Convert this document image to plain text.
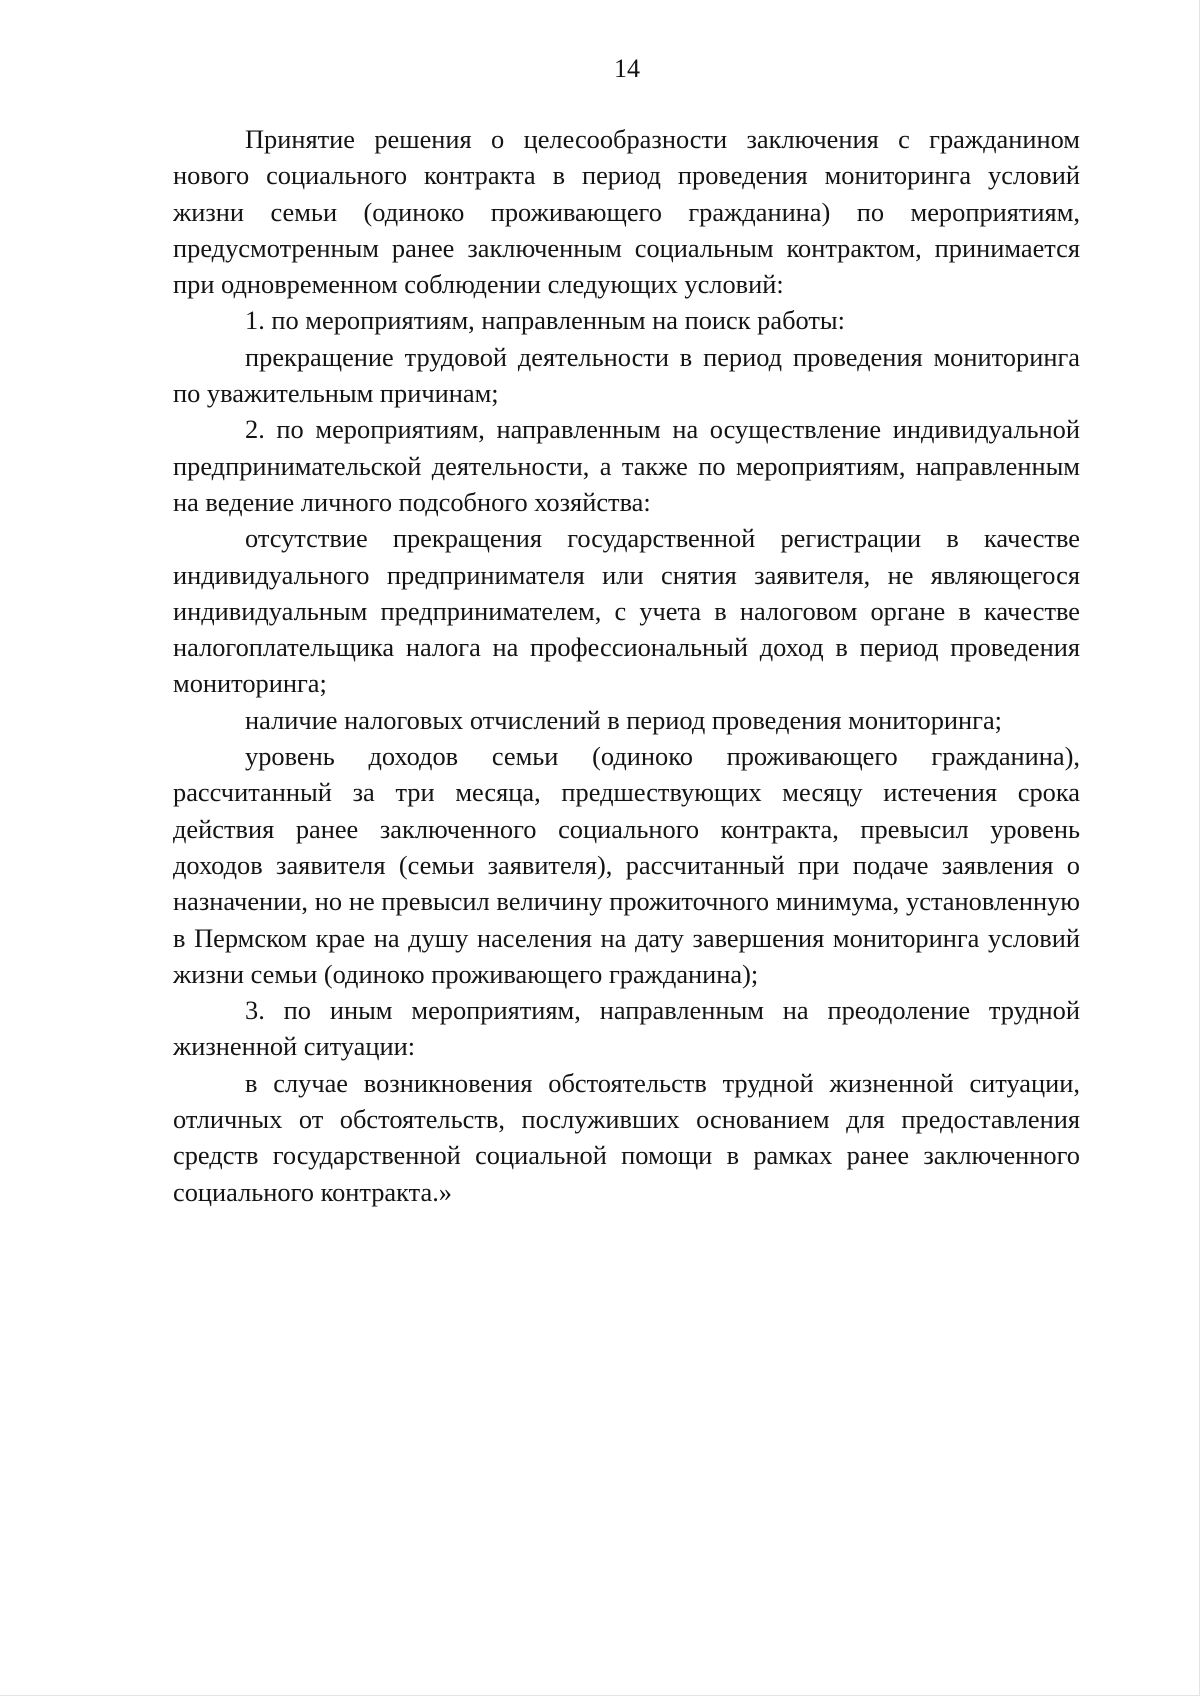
14

Принятие решения о целесообразности заключения с гражданином нового социального контракта в период проведения мониторинга условий жизни семьи (одиноко проживающего гражданина) по мероприятиям, предусмотренным ранее заключенным социальным контрактом, принимается при одновременном соблюдении следующих условий:

1. по мероприятиям, направленным на поиск работы:

прекращение трудовой деятельности в период проведения мониторинга по уважительным причинам;

2. по мероприятиям, направленным на осуществление индивидуальной предпринимательской деятельности, а также по мероприятиям, направленным на ведение личного подсобного хозяйства:

отсутствие прекращения государственной регистрации в качестве индивидуального предпринимателя или снятия заявителя, не являющегося индивидуальным предпринимателем, с учета в налоговом органе в качестве налогоплательщика налога на профессиональный доход в период проведения мониторинга;

наличие налоговых отчислений в период проведения мониторинга;

уровень доходов семьи (одиноко проживающего гражданина), рассчитанный за три месяца, предшествующих месяцу истечения срока действия ранее заключенного социального контракта, превысил уровень доходов заявителя (семьи заявителя), рассчитанный при подаче заявления о назначении, но не превысил величину прожиточного минимума, установленную в Пермском крае на душу населения на дату завершения мониторинга условий жизни семьи (одиноко проживающего гражданина);

3. по иным мероприятиям, направленным на преодоление трудной жизненной ситуации:

в случае возникновения обстоятельств трудной жизненной ситуации, отличных от обстоятельств, послуживших основанием для предоставления средств государственной социальной помощи в рамках ранее заключенного социального контракта.»
